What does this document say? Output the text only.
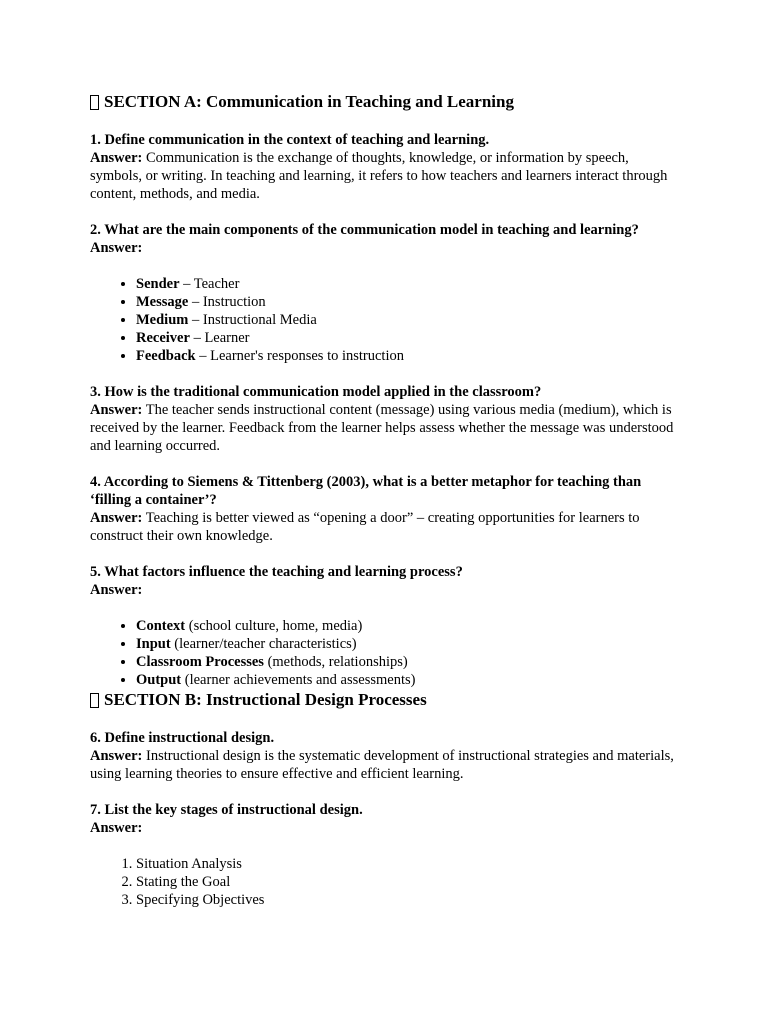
SECTION A: Communication in Teaching and Learning

1. Define communication in the context of teaching and learning.

Answer: Communication is the exchange of thoughts, knowledge, or information by speech, symbols, or writing. In teaching and learning, it refers to how teachers and learners interact through content, methods, and media.

2. What are the main components of the communication model in teaching and learning?

Answer:

• Sender – Teacher
• Message – Instruction
• Medium – Instructional Media
• Receiver – Learner
• Feedback – Learner's responses to instruction

3. How is the traditional communication model applied in the classroom?

Answer: The teacher sends instructional content (message) using various media (medium), which is received by the learner. Feedback from the learner helps assess whether the message was understood and learning occurred.

4. According to Siemens & Tittenberg (2003), what is a better metaphor for teaching than ‘filling a container’?

Answer: Teaching is better viewed as “opening a door” – creating opportunities for learners to construct their own knowledge.

5. What factors influence the teaching and learning process?

Answer:

• Context (school culture, home, media)
• Input (learner/teacher characteristics)
• Classroom Processes (methods, relationships)
• Output (learner achievements and assessments)
SECTION B: Instructional Design Processes

6. Define instructional design.

Answer: Instructional design is the systematic development of instructional strategies and materials, using learning theories to ensure effective and efficient learning.

7. List the key stages of instructional design.

Answer:

1. Situation Analysis
2. Stating the Goal
3. Specifying Objectives
